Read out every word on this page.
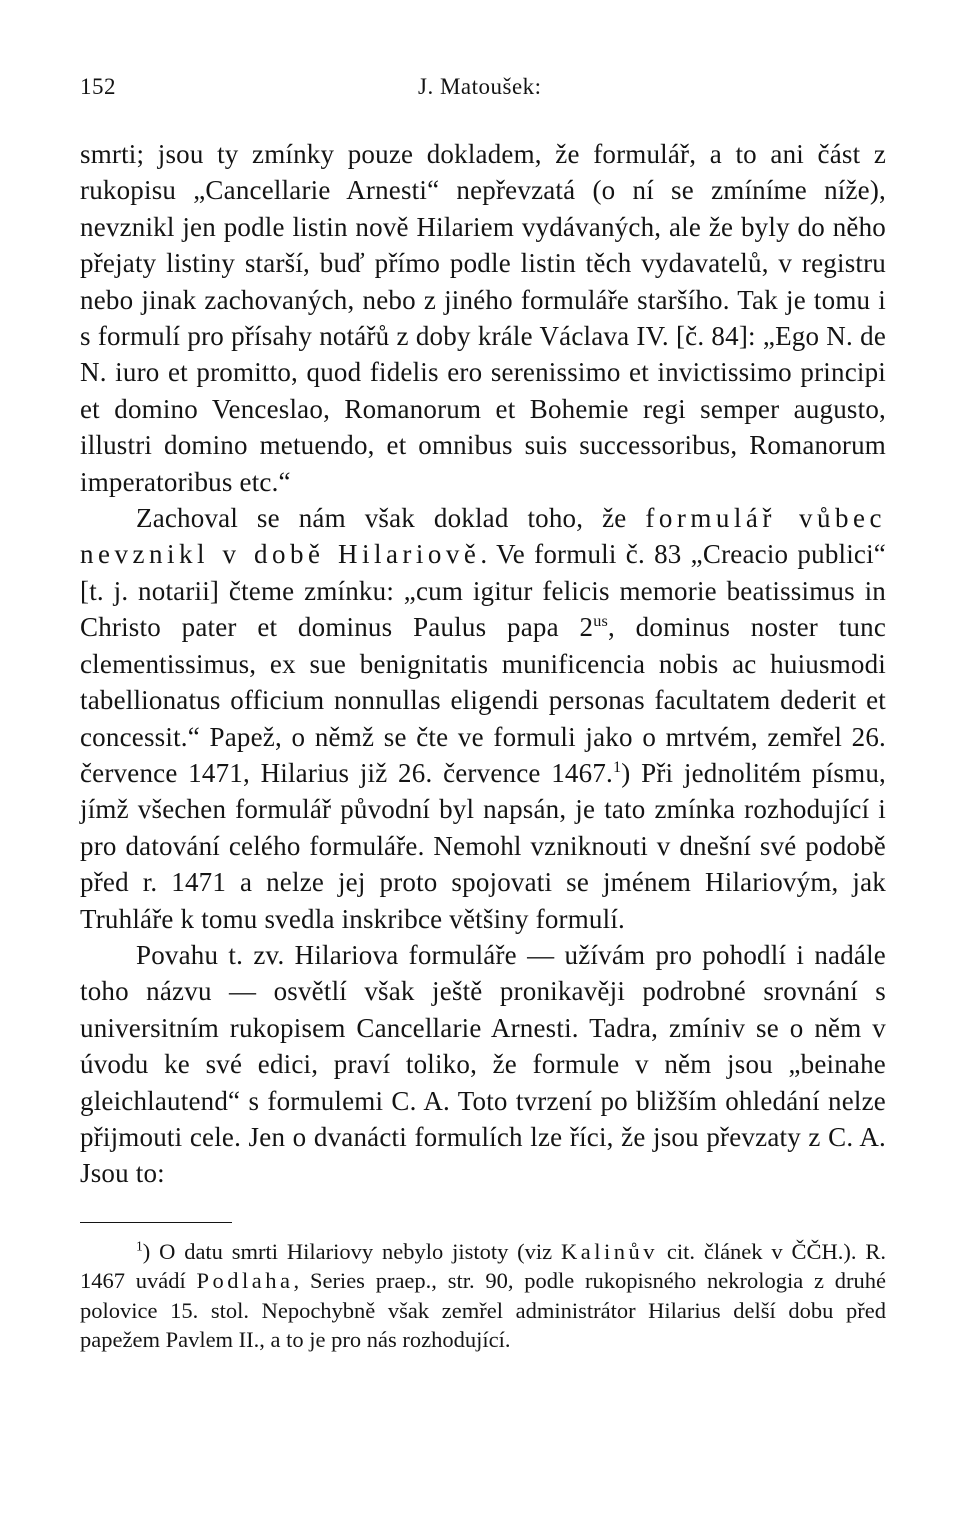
152	J. Matoušek:

smrti; jsou ty zmínky pouze dokladem, že formulář, a to ani část z rukopisu „Cancellarie Arnesti“ nepřevzatá (o ní se zmíníme níže), nevznikl jen podle listin nově Hilariem vydávaných, ale že byly do něho přejaty listiny starší, buď přímo podle listin těch vydavatelů, v registru nebo jinak zachovaných, nebo z jiného formuláře staršího. Tak je tomu i s formulí pro přísahy notářů z doby krále Václava IV. [č. 84]: „Ego N. de N. iuro et promitto, quod fidelis ero serenissimo et invictissimo principi et domino Venceslao, Romanorum et Bohemie regi semper augusto, illustri domino metuendo, et omnibus suis successoribus, Romanorum imperatoribus etc.“

Zachoval se nám však doklad toho, že formulář vůbec nevznikl v době Hilariově. Ve formuli č. 83 „Creacio publici“ [t. j. notarii] čteme zmínku: „cum igitur felicis memorie beatissimus in Christo pater et dominus Paulus papa $2^{us}$, dominus noster tunc clementissimus, ex sue benignitatis munificencia nobis ac huiusmodi tabellionatus officium nonnullas eligendi personas facultatem dederit et concessit.“ Papež, o němž se čte ve formuli jako o mrtvém, zemřel 26. července 1471, Hilarius již 26. července 1467.$^1$) Při jednolitém písmu, jímž všechen formulář původní byl napsán, je tato zmínka rozhodující i pro datování celého formuláře. Nemohl vzniknouti v dnešní své podobě před r. 1471 a nelze jej proto spojovati se jménem Hilariovým, jak Truhláře k tomu svedla inskribce většiny formulí.

Povahu t. zv. Hilariova formuláře — užívám pro pohodlí i nadále toho názvu — osvětlí však ještě pronikavěji podrobné srovnání s universitním rukopisem Cancellarie Arnesti. Tadra, zmíniv se o něm v úvodu ke své edici, praví toliko, že formule v něm jsou „beinahe gleichlautend“ s formulemi C. A. Toto tvrzení po bližším ohledání nelze přijmouti cele. Jen o dvanácti formulích lze říci, že jsou převzaty z C. A. Jsou to:

$^1$) O datu smrti Hilariovy nebylo jistoty (viz Kalinův cit. článek v ČČH.). R. 1467 uvádí Podlaha, Series praep., str. 90, podle rukopisného nekrologia z druhé polovice 15. stol. Nepochybně však zemřel administrátor Hilarius delší dobu před papežem Pavlem II., a to je pro nás rozhodující.
